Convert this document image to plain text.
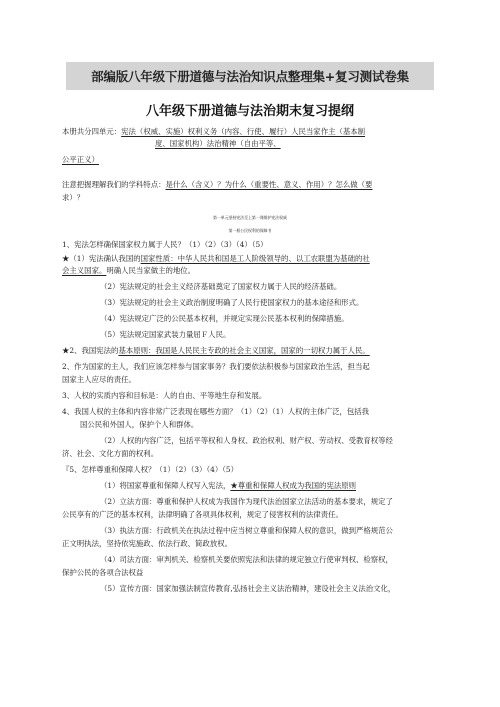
部编版八年级下册道德与法治知识点整理集+复习测试卷集
八年级下册道德与法治期末复习提纲
本册共分四单元：宪法（权威、实施）权利义务（内容、行使、履行）人民当家作主（基本制
度、国家机构）法治精神（自由平等、
公平正义）
注意把握理解我们的学科特点：是什么（含义）？为什么（重要性、意义、作用）？怎么做（要
求）？
第一单元坚持宪法至上第一课维护宪法权威
第一框公民权利的保障书
1、宪法怎样确保国家权力属于人民？（1）（2）（3）（4）（5）
★（1）宪法确认我国的国家性质：中华人民共和国是工人阶级领导的、以工农联盟为基础的社
会主义国家。明确人民当家做主的地位。
（2）宪法规定的社会主义经济基础奠定了国家权力属于人民的经济基础。
（3）宪法规定的社会主义政治制度明确了人民行使国家权力的基本途径和形式。
（4）宪法规定广泛的公民基本权利，并规定实现公民基本权利的保障措施。
（5）宪法规定国家武装力量屈Ｆ人民。
★2、我国宪法的基本原则：我国是人民民主专政的社会主义国家，国家的一切权力属于人民。
2、作为国家的主人，我们应该怎样参与国家事务？我们要依法积极参与国家政治生活，担当起
国家主人应尽的责任。
3、人权的实质内容和目标是：人的自由、平等地生存和发展。
4、我国人权的主体和内容非常广泛表现在哪些方面？（1）（2）（1）人权的主体广泛，包括我
国公民和外国人，保护个人和群体。
（2）人权的内容广泛，包括平等权和人身权、政治权利、财产权、劳动权、受教育权等经
济、社会、文化方面的权利。
『5、怎样尊重和保障人权？（1）（2）（3）（4）（5）
（1）将国家尊重和保障人权写入宪法，★尊重和保障人权成为我国的宪法原则
（2）立法方面：尊重和保护人权成为我国作为现代法治国家立法活动的基本要求，规定了
公民享有的广泛的基本权利，法律明确了各项具体权利，规定了侵害权利的法律责任。
（3）执法方面：行政机关在执法过程中应当树立尊重和保障人权的意识，做到严格规范公
正文明执法，坚持依宪施政、依法行政、简政放权。
（4）司法方面：审判机关、检察机关要依照宪法和法律的规定独立行使审判权、检察权，
保护公民的各项合法权益
（5）宣传方面：国家加强法制宣传教育,弘扬社会主义法治精神，建设社会主义法治文化，
